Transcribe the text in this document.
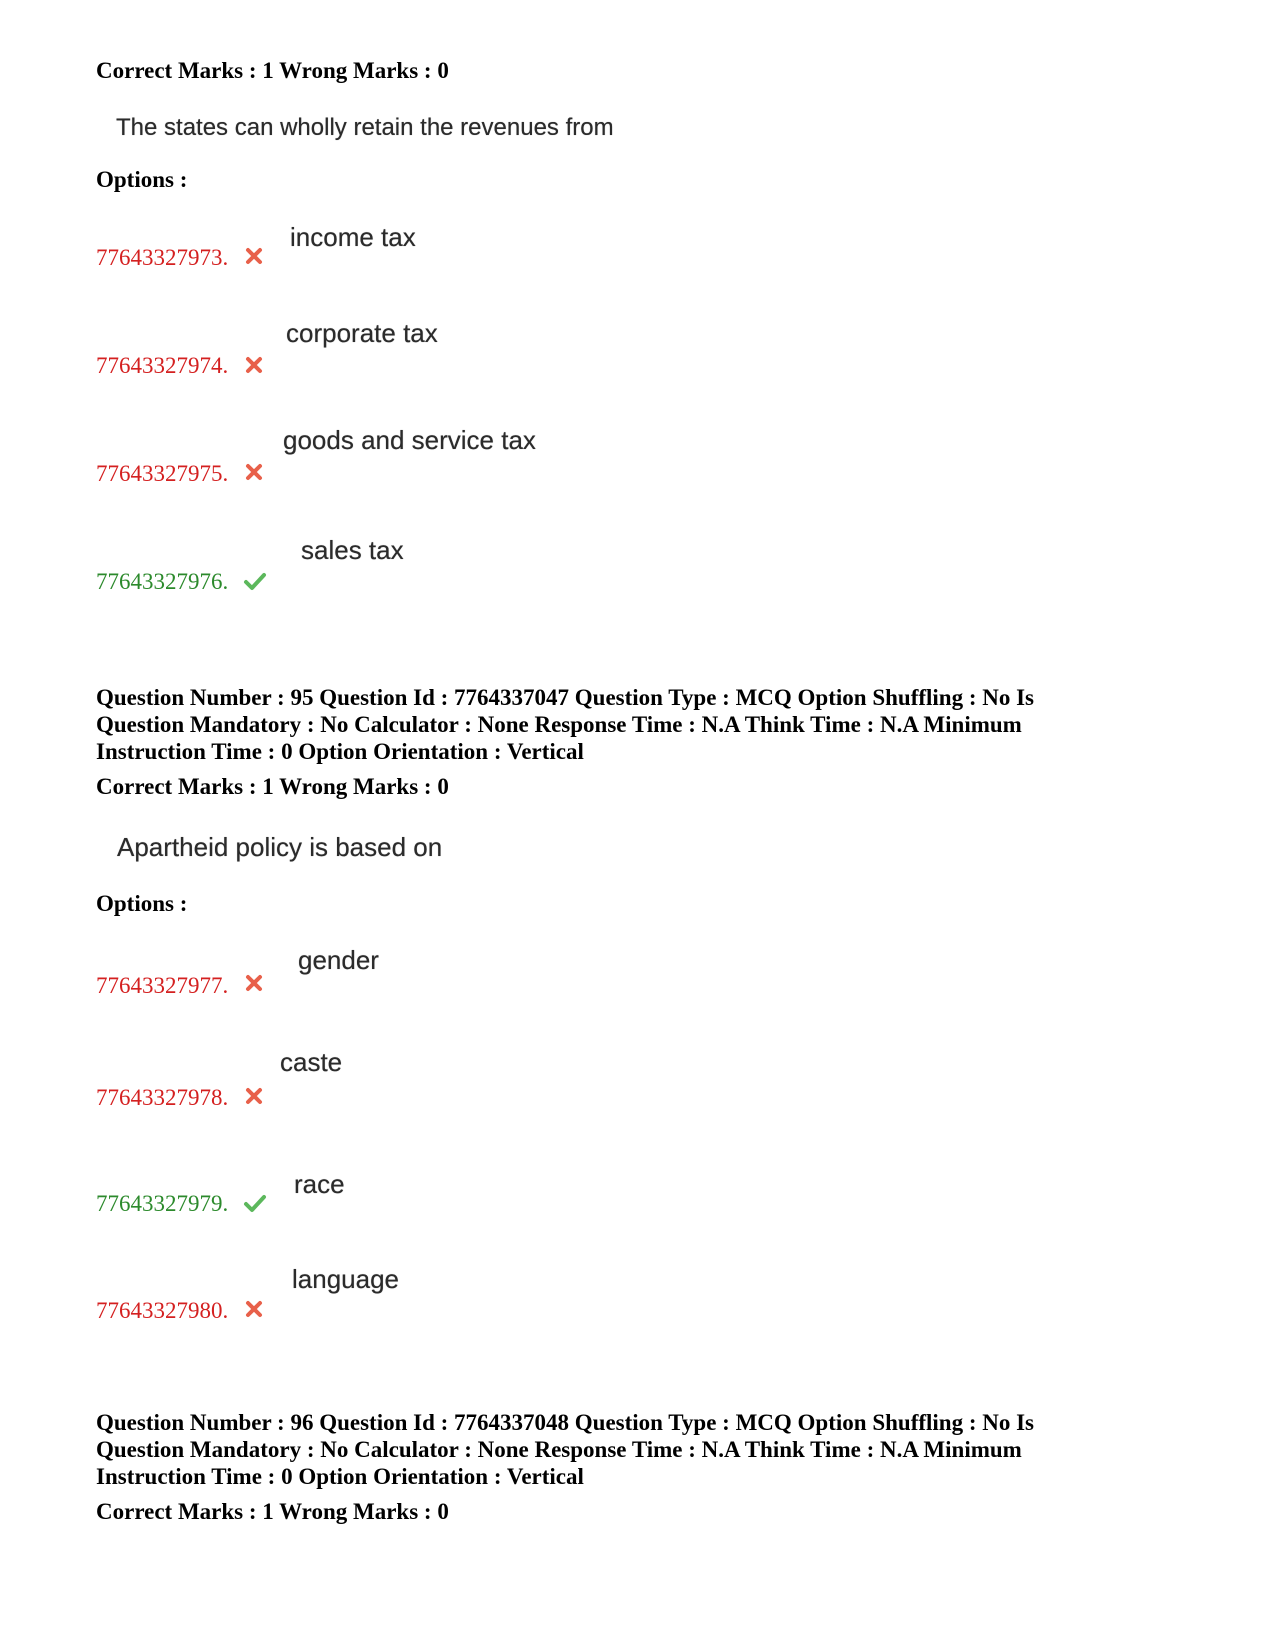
Correct Marks : 1 Wrong Marks : 0
The states can wholly retain the revenues from
Options :
77643327973.
income tax
77643327974.
corporate tax
77643327975.
goods and service tax
77643327976.
sales tax
Question Number : 95 Question Id : 7764337047 Question Type : MCQ Option Shuffling : No Is Question Mandatory : No Calculator : None Response Time : N.A Think Time : N.A Minimum Instruction Time : 0 Option Orientation : Vertical
Correct Marks : 1 Wrong Marks : 0
Apartheid policy is based on
Options :
77643327977.
gender
77643327978.
caste
77643327979.
race
77643327980.
language
Question Number : 96 Question Id : 7764337048 Question Type : MCQ Option Shuffling : No Is Question Mandatory : No Calculator : None Response Time : N.A Think Time : N.A Minimum Instruction Time : 0 Option Orientation : Vertical
Correct Marks : 1 Wrong Marks : 0
